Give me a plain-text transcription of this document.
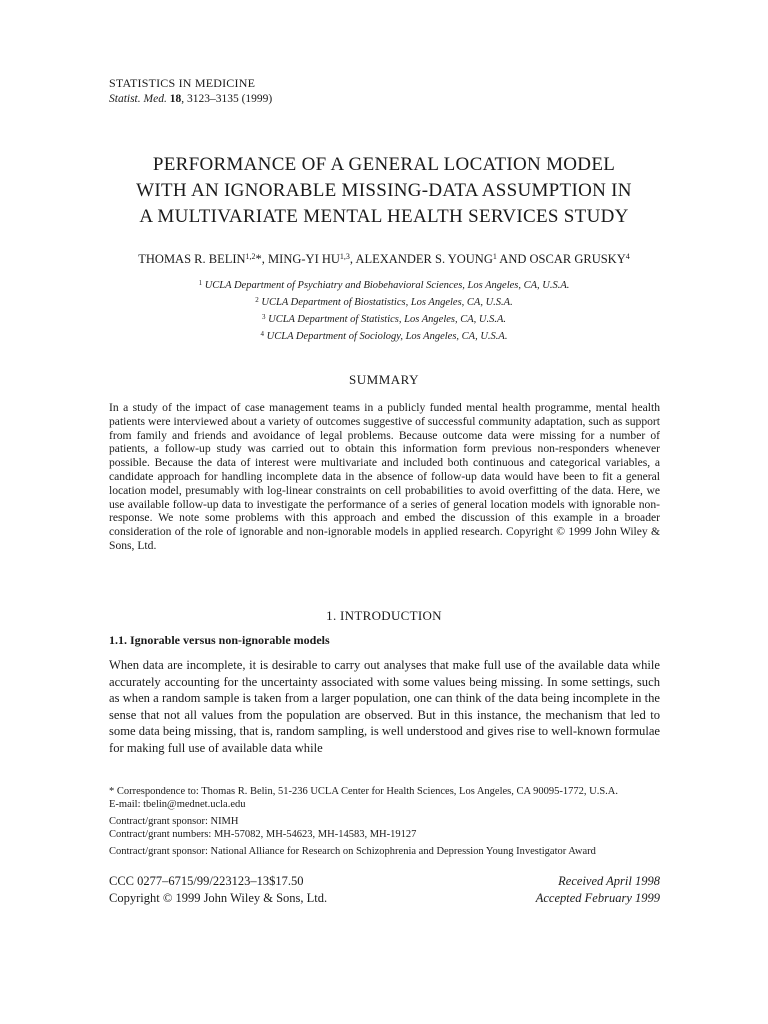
STATISTICS IN MEDICINE
Statist. Med. 18, 3123–3135 (1999)
PERFORMANCE OF A GENERAL LOCATION MODEL
WITH AN IGNORABLE MISSING-DATA ASSUMPTION IN
A MULTIVARIATE MENTAL HEALTH SERVICES STUDY
THOMAS R. BELIN$^{1,2}$*, MING-YI HU$^{1,3}$, ALEXANDER S. YOUNG$^1$ AND OSCAR GRUSKY$^4$
$^1$ UCLA Department of Psychiatry and Biobehavioral Sciences, Los Angeles, CA, U.S.A.
$^2$ UCLA Department of Biostatistics, Los Angeles, CA, U.S.A.
$^3$ UCLA Department of Statistics, Los Angeles, CA, U.S.A.
$^4$ UCLA Department of Sociology, Los Angeles, CA, U.S.A.
SUMMARY
In a study of the impact of case management teams in a publicly funded mental health programme, mental health patients were interviewed about a variety of outcomes suggestive of successful community adaptation, such as support from family and friends and avoidance of legal problems. Because outcome data were missing for a number of patients, a follow-up study was carried out to obtain this information form previous non-responders whenever possible. Because the data of interest were multivariate and included both continuous and categorical variables, a candidate approach for handling incomplete data in the absence of follow-up data would have been to fit a general location model, presumably with log-linear constraints on cell probabilities to avoid overfitting of the data. Here, we use available follow-up data to investigate the performance of a series of general location models with ignorable non-response. We note some problems with this approach and embed the discussion of this example in a broader consideration of the role of ignorable and non-ignorable models in applied research. Copyright © 1999 John Wiley & Sons, Ltd.
1. INTRODUCTION
1.1. Ignorable versus non-ignorable models
When data are incomplete, it is desirable to carry out analyses that make full use of the available data while accurately accounting for the uncertainty associated with some values being missing. In some settings, such as when a random sample is taken from a larger population, one can think of the data being incomplete in the sense that not all values from the population are observed. But in this instance, the mechanism that led to some data being missing, that is, random sampling, is well understood and gives rise to well-known formulae for making full use of available data while
* Correspondence to: Thomas R. Belin, 51-236 UCLA Center for Health Sciences, Los Angeles, CA 90095-1772, U.S.A.
E-mail: tbelin@mednet.ucla.edu
Contract/grant sponsor: NIMH
Contract/grant numbers: MH-57082, MH-54623, MH-14583, MH-19127
Contract/grant sponsor: National Alliance for Research on Schizophrenia and Depression Young Investigator Award
CCC 0277–6715/99/223123–13$17.50
Copyright © 1999 John Wiley & Sons, Ltd.
Received April 1998
Accepted February 1999
